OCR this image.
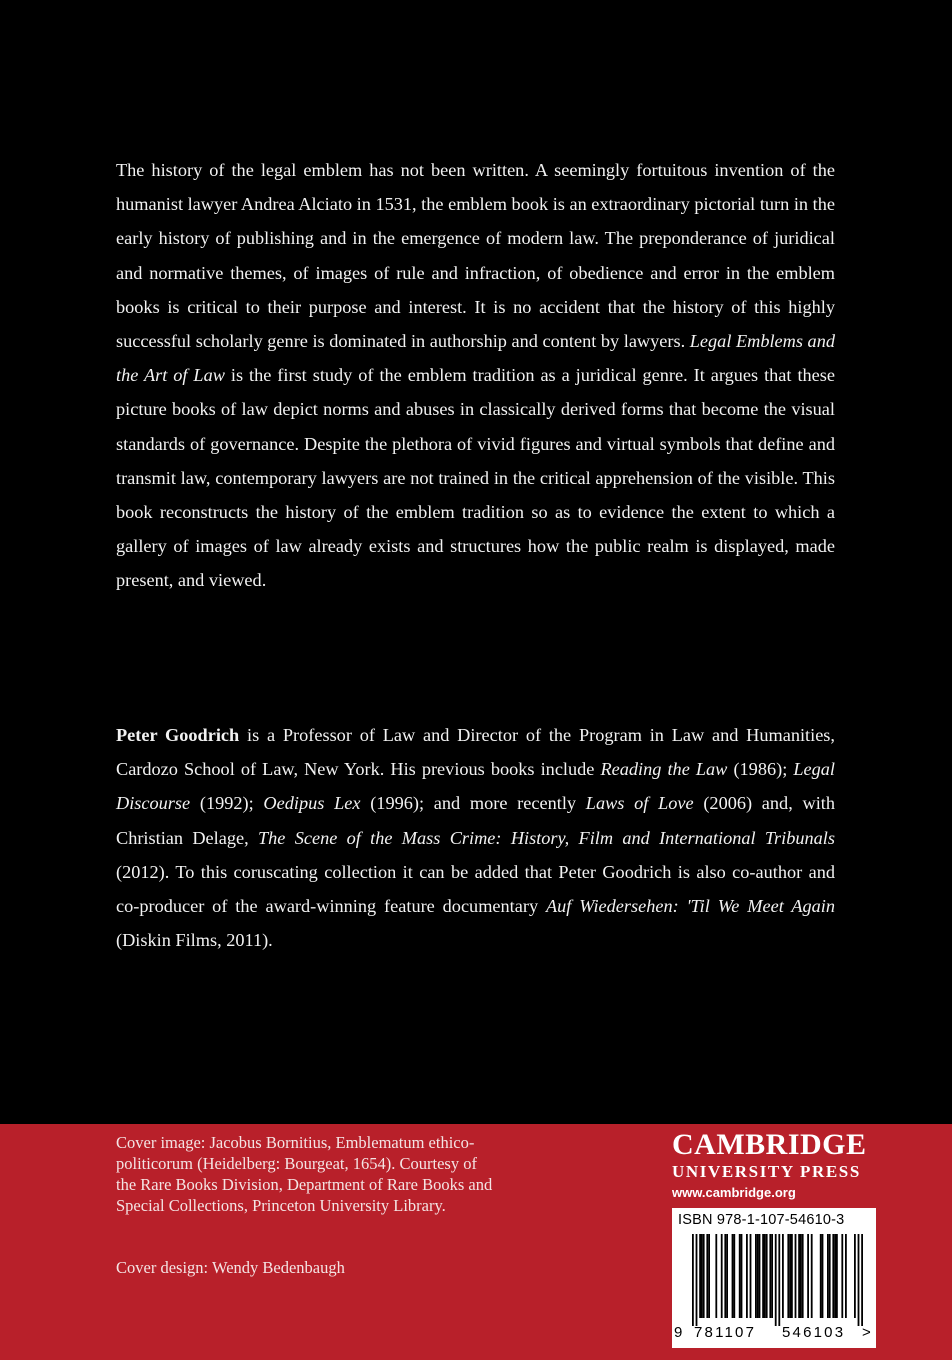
The history of the legal emblem has not been written. A seemingly fortuitous invention of the humanist lawyer Andrea Alciato in 1531, the emblem book is an extraordinary pictorial turn in the early history of publishing and in the emergence of modern law. The preponderance of juridical and normative themes, of images of rule and infraction, of obedience and error in the emblem books is critical to their purpose and interest. It is no accident that the history of this highly successful scholarly genre is dominated in authorship and content by lawyers. Legal Emblems and the Art of Law is the first study of the emblem tradition as a juridical genre. It argues that these picture books of law depict norms and abuses in classically derived forms that become the visual standards of governance. Despite the plethora of vivid figures and virtual symbols that define and transmit law, contemporary lawyers are not trained in the critical apprehension of the visible. This book reconstructs the history of the emblem tradition so as to evidence the extent to which a gallery of images of law already exists and structures how the public realm is displayed, made present, and viewed.

Peter Goodrich is a Professor of Law and Director of the Program in Law and Humanities, Cardozo School of Law, New York. His previous books include Reading the Law (1986); Legal Discourse (1992); Oedipus Lex (1996); and more recently Laws of Love (2006) and, with Christian Delage, The Scene of the Mass Crime: History, Film and International Tribunals (2012). To this coruscating collection it can be added that Peter Goodrich is also co-author and co-producer of the award-winning feature documentary Auf Wiedersehen: 'Til We Meet Again (Diskin Films, 2011).

Cover image: Jacobus Bornitius, Emblematum ethico-politicorum (Heidelberg: Bourgeat, 1654). Courtesy of the Rare Books Division, Department of Rare Books and Special Collections, Princeton University Library.

Cover design: Wendy Bedenbaugh

CAMBRIDGE
UNIVERSITY PRESS
www.cambridge.org
ISBN 978-1-107-54610-3
9 781107 546103 >
